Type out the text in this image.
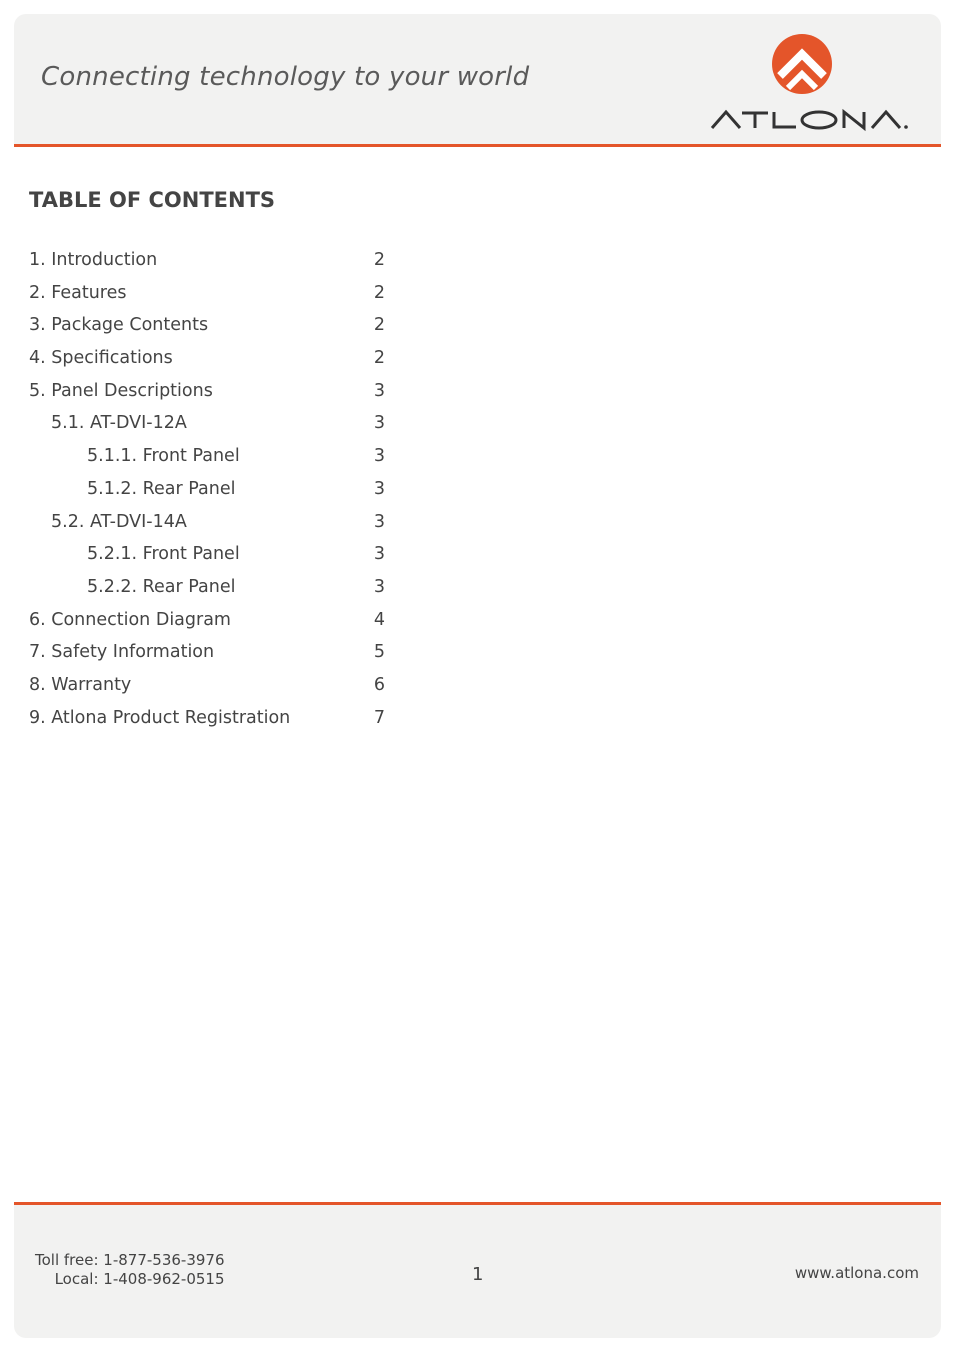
Connecting technology to your world
TABLE OF CONTENTS
1. Introduction	2
2. Features	2
3. Package Contents	2
4. Specifications	2
5. Panel Descriptions	3
5.1. AT-DVI-12A	3
5.1.1. Front Panel	3
5.1.2. Rear Panel	3
5.2. AT-DVI-14A	3
5.2.1. Front Panel	3
5.2.2. Rear Panel	3
6. Connection Diagram	4
7. Safety Information	5
8. Warranty	6
9. Atlona Product Registration	7
Toll free: 1-877-536-3976
Local: 1-408-962-0515	1	www.atlona.com
